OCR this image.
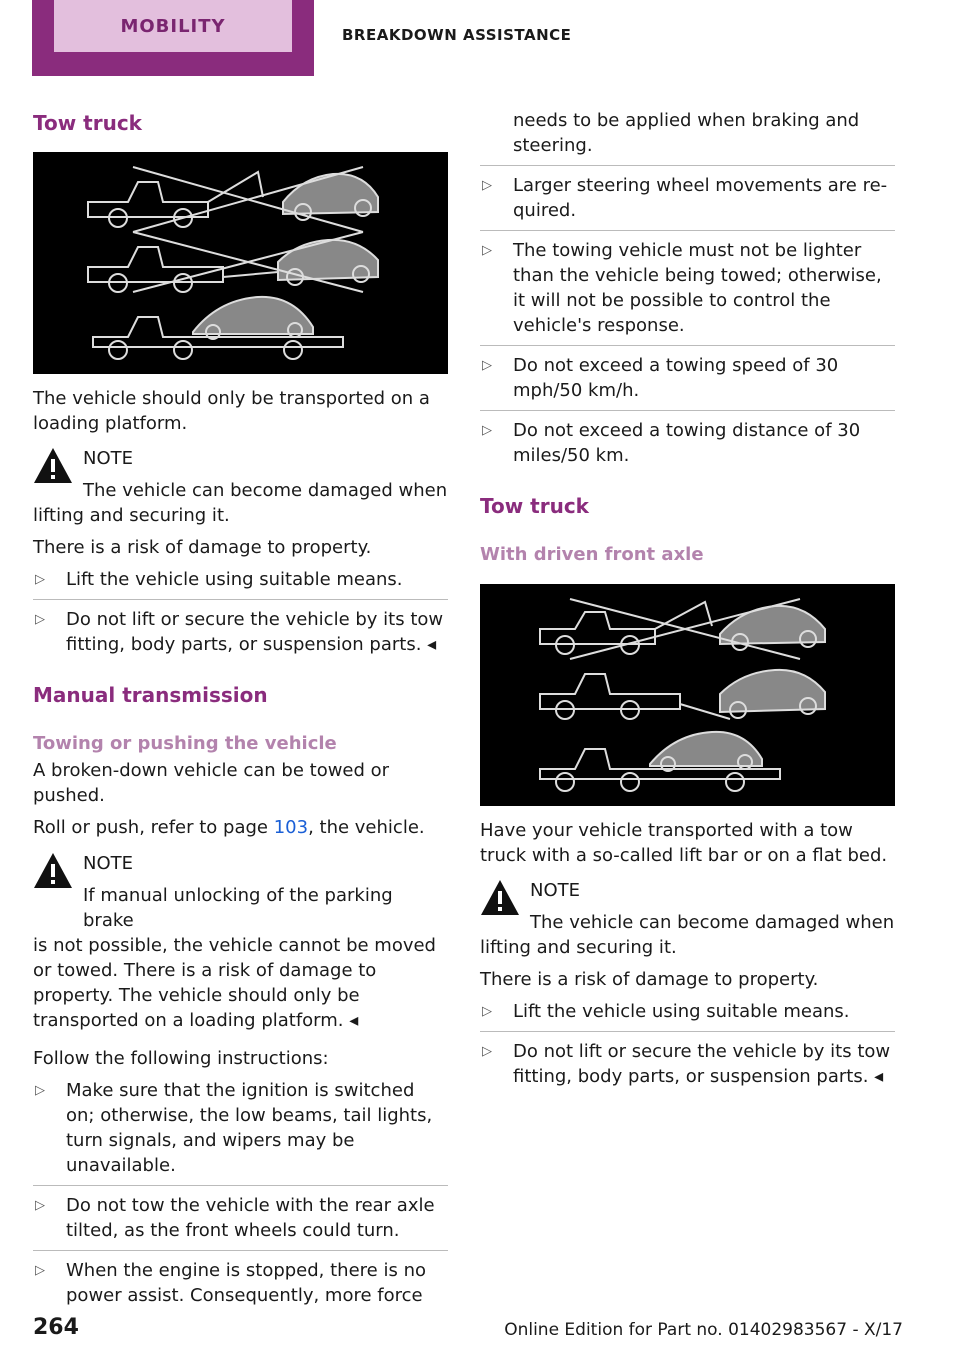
MOBILITY	BREAKDOWN ASSISTANCE
Tow truck

The vehicle should only be transported on a loading platform.

NOTE
The vehicle can become damaged when

lifting and securing it.

There is a risk of damage to property.

▷ Lift the vehicle using suitable means.
▷ Do not lift or secure the vehicle by its tow fitting, body parts, or suspension parts. ◂
Manual transmission
Towing or pushing the vehicle

A broken-down vehicle can be towed or pushed.

Roll or push, refer to page 103, the vehicle.

NOTE
If manual unlocking of the parking brake

is not possible, the vehicle cannot be moved or towed. There is a risk of damage to property. The vehicle should only be transported on a loading platform. ◂

Follow the following instructions:

▷ Make sure that the ignition is switched on; otherwise, the low beams, tail lights, turn signals, and wipers may be unavailable.
▷ Do not tow the vehicle with the rear axle tilted, as the front wheels could turn.
▷ When the engine is stopped, there is no power assist. Consequently, more force
needs to be applied when braking and steering.
▷ Larger steering wheel movements are required.
▷ The towing vehicle must not be lighter than the vehicle being towed; otherwise, it will not be possible to control the vehicle's response.
▷ Do not exceed a towing speed of 30 mph/50 km/h.
▷ Do not exceed a towing distance of 30 miles/50 km.
Tow truck
With driven front axle

Have your vehicle transported with a tow truck with a so-called lift bar or on a flat bed.

NOTE
The vehicle can become damaged when

lifting and securing it.

There is a risk of damage to property.

▷ Lift the vehicle using suitable means.
▷ Do not lift or secure the vehicle by its tow fitting, body parts, or suspension parts. ◂
264	Online Edition for Part no. 01402983567 - X/17
